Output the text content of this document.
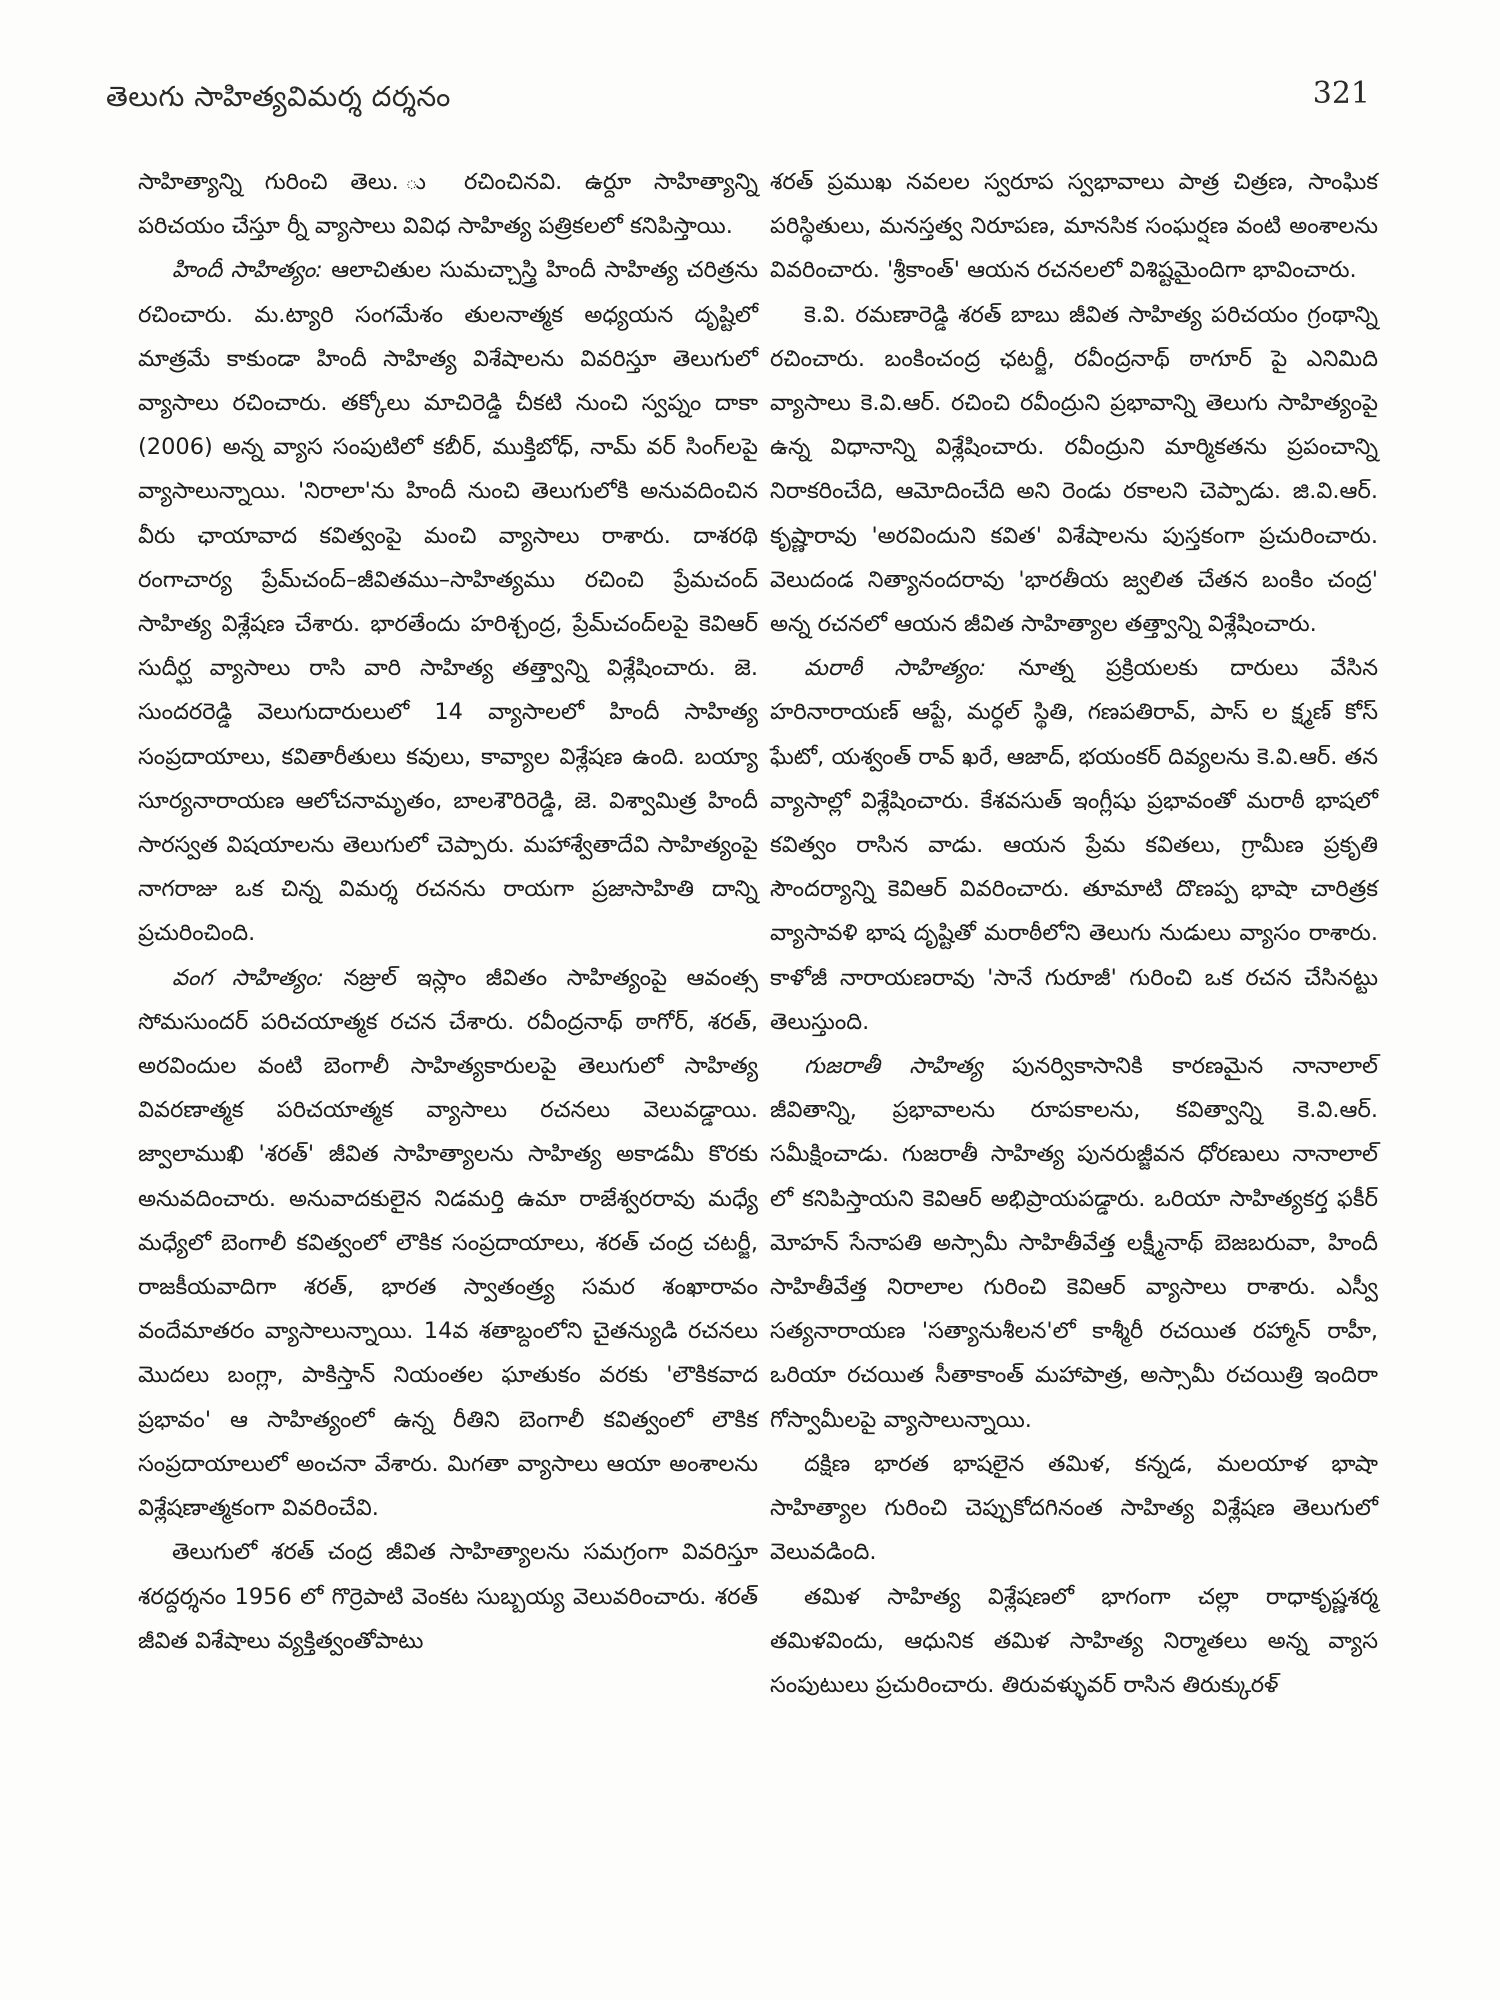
తెలుగు సాహిత్యవిమర్శ దర్శనం	321

సాహిత్యాన్ని గురించి తెలు. ు రచించినవి. ఉర్దూ సాహిత్యాన్ని పరిచయం చేస్తూ ర్నీ వ్యాసాలు వివిధ సాహిత్య పత్రికలలో కనిపిస్తాయి.

హిందీ సాహిత్యం: ఆలాచితుల సుమచ్చాస్త్రి హిందీ సాహిత్య చరిత్రను రచించారు. మ.ట్యారి సంగమేశం తులనాత్మక అధ్యయన దృష్టిలో మాత్రమే కాకుండా హిందీ సాహిత్య విశేషాలను వివరిస్తూ తెలుగులో వ్యాసాలు రచించారు. తక్కోలు మాచిరెడ్డి చీకటి నుంచి స్వప్నం దాకా (2006) అన్న వ్యాస సంపుటిలో కబీర్, ముక్తిబోధ్, నామ్ వర్ సింగ్‌లపై వ్యాసాలున్నాయి. 'నిరాలా'ను హిందీ నుంచి తెలుగులోకి అనువదించిన వీరు ఛాయావాద కవిత్వంపై మంచి వ్యాసాలు రాశారు. దాశరథి రంగాచార్య ప్రేమ్‌చంద్–జీవితము–సాహిత్యము రచించి ప్రేమచంద్ సాహిత్య విశ్లేషణ చేశారు. భారతేందు హరిశ్చంద్ర, ప్రేమ్‌చంద్‌లపై కెవిఆర్ సుదీర్ఘ వ్యాసాలు రాసి వారి సాహిత్య తత్త్వాన్ని విశ్లేషించారు. జె. సుందరరెడ్డి వెలుగుదారులులో 14 వ్యాసాలలో హిందీ సాహిత్య సంప్రదాయాలు, కవితారీతులు కవులు, కావ్యాల విశ్లేషణ ఉంది. బయ్యా సూర్యనారాయణ ఆలోచనామృతం, బాలశౌరిరెడ్డి, జె. విశ్వామిత్ర హిందీ సారస్వత విషయాలను తెలుగులో చెప్పారు. మహాశ్వేతాదేవి సాహిత్యంపై నాగరాజు ఒక చిన్న విమర్శ రచనను రాయగా ప్రజాసాహితి దాన్ని ప్రచురించింది.

వంగ సాహిత్యం: నజ్రుల్ ఇస్లాం జీవితం సాహిత్యంపై ఆవంత్స సోమసుందర్ పరిచయాత్మక రచన చేశారు. రవీంద్రనాథ్ ఠాగోర్, శరత్, అరవిందుల వంటి బెంగాలీ సాహిత్యకారులపై తెలుగులో సాహిత్య వివరణాత్మక పరిచయాత్మక వ్యాసాలు రచనలు వెలువడ్డాయి. జ్వాలాముఖి 'శరత్' జీవిత సాహిత్యాలను సాహిత్య అకాడమీ కొరకు అనువదించారు. అనువాదకులైన నిడమర్తి ఉమా రాజేశ్వరరావు మధ్యే మధ్యేలో బెంగాలీ కవిత్వంలో లౌకిక సంప్రదాయాలు, శరత్ చంద్ర చటర్జీ, రాజకీయవాదిగా శరత్, భారత స్వాతంత్ర్య సమర శంఖారావం వందేమాతరం వ్యాసాలున్నాయి. 14వ శతాబ్దంలోని చైతన్యుడి రచనలు మొదలు బంగ్లా, పాకిస్తాన్ నియంతల ఘాతుకం వరకు 'లౌకికవాద ప్రభావం' ఆ సాహిత్యంలో ఉన్న రీతిని బెంగాలీ కవిత్వంలో లౌకిక సంప్రదాయాలులో అంచనా వేశారు. మిగతా వ్యాసాలు ఆయా అంశాలను విశ్లేషణాత్మకంగా వివరించేవి.

తెలుగులో శరత్ చంద్ర జీవిత సాహిత్యాలను సమగ్రంగా వివరిస్తూ శరద్దర్శనం 1956 లో గొర్రెపాటి వెంకట సుబ్బయ్య వెలువరించారు. శరత్ జీవిత విశేషాలు వ్యక్తిత్వంతోపాటు

శరత్ ప్రముఖ నవలల స్వరూప స్వభావాలు పాత్ర చిత్రణ, సాంఘిక పరిస్థితులు, మనస్తత్వ నిరూపణ, మానసిక సంఘర్షణ వంటి అంశాలను వివరించారు. 'శ్రీకాంత్' ఆయన రచనలలో విశిష్టమైందిగా భావించారు.

కె.వి. రమణారెడ్డి శరత్ బాబు జీవిత సాహిత్య పరిచయం గ్రంథాన్ని రచించారు. బంకించంద్ర ఛటర్జీ, రవీంద్రనాథ్ ఠాగూర్ పై ఎనిమిది వ్యాసాలు కె.వి.ఆర్. రచించి రవీంద్రుని ప్రభావాన్ని తెలుగు సాహిత్యంపై ఉన్న విధానాన్ని విశ్లేషించారు. రవీంద్రుని మార్మికతను ప్రపంచాన్ని నిరాకరించేది, ఆమోదించేది అని రెండు రకాలని చెప్పాడు. జి.వి.ఆర్. కృష్ణారావు 'అరవిందుని కవిత' విశేషాలను పుస్తకంగా ప్రచురించారు. వెలుదండ నిత్యానందరావు 'భారతీయ జ్వలిత చేతన బంకిం చంద్ర' అన్న రచనలో ఆయన జీవిత సాహిత్యాల తత్త్వాన్ని విశ్లేషించారు.

మరాఠీ సాహిత్యం: నూత్న ప్రక్రియలకు దారులు వేసిన హరినారాయణ్ ఆప్టే, మర్ధల్ స్థితి, గణపతిరావ్, పాస్ ల క్ష్మణ్ కోస్ ఘేటో, యశ్వంత్ రావ్ ఖరే, ఆజాద్, భయంకర్ దివ్యలను కె.వి.ఆర్. తన వ్యాసాల్లో విశ్లేషించారు. కేశవసుత్ ఇంగ్లీషు ప్రభావంతో మరాఠీ భాషలో కవిత్వం రాసిన వాడు. ఆయన ప్రేమ కవితలు, గ్రామీణ ప్రకృతి సౌందర్యాన్ని కెవిఆర్ వివరించారు. తూమాటి దొణప్ప భాషా చారిత్రక వ్యాసావళి భాష దృష్టితో మరాఠీలోని తెలుగు నుడులు వ్యాసం రాశారు. కాళోజీ నారాయణరావు 'సానే గురూజీ' గురించి ఒక రచన చేసినట్టు తెలుస్తుంది.

గుజరాతీ సాహిత్య పునర్వికాసానికి కారణమైన నానాలాల్ జీవితాన్ని, ప్రభావాలను రూపకాలను, కవిత్వాన్ని కె.వి.ఆర్. సమీక్షించాడు. గుజరాతీ సాహిత్య పునరుజ్జీవన ధోరణులు నానాలాల్ లో కనిపిస్తాయని కెవిఆర్ అభిప్రాయపడ్డారు. ఒరియా సాహిత్యకర్త ఫకీర్ మోహన్ సేనాపతి అస్సామీ సాహితీవేత్త లక్ష్మీనాథ్ బెజబరువా, హిందీ సాహితీవేత్త నిరాలాల గురించి కెవిఆర్ వ్యాసాలు రాశారు. ఎస్వీ సత్యనారాయణ 'సత్యానుశీలన'లో కాశ్మీరీ రచయిత రహ్మాన్ రాహీ, ఒరియా రచయిత సీతాకాంత్ మహాపాత్ర, అస్సామీ రచయిత్రి ఇందిరా గోస్వామీలపై వ్యాసాలున్నాయి.

దక్షిణ భారత భాషలైన తమిళ, కన్నడ, మలయాళ భాషా సాహిత్యాల గురించి చెప్పుకోదగినంత సాహిత్య విశ్లేషణ తెలుగులో వెలువడింది.

తమిళ సాహిత్య విశ్లేషణలో భాగంగా చల్లా రాధాకృష్ణశర్మ తమిళవిందు, ఆధునిక తమిళ సాహిత్య నిర్మాతలు అన్న వ్యాస సంపుటులు ప్రచురించారు. తిరువళ్ళువర్ రాసిన తిరుక్కురళ్
